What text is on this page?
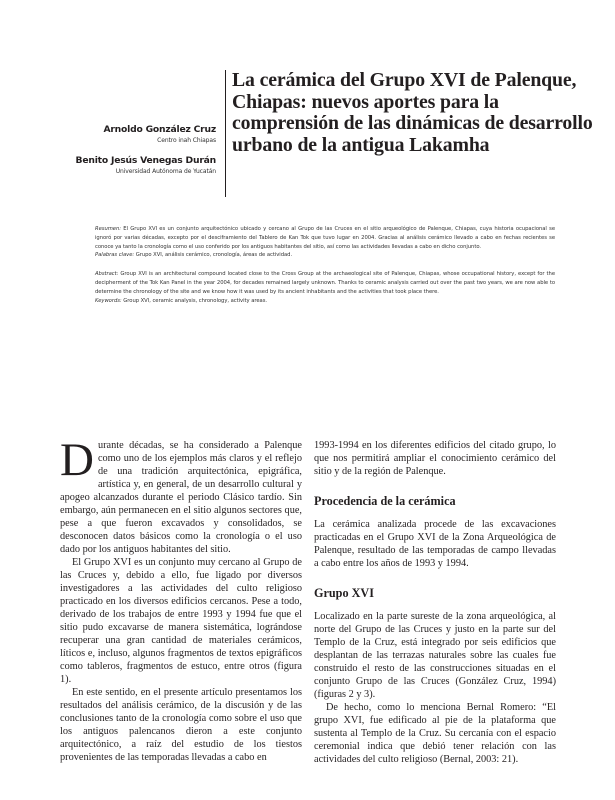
Arnoldo González Cruz
Centro inah Chiapas
Benito Jesús Venegas Durán
Universidad Autónoma de Yucatán
La cerámica del Grupo XVI de Palenque, Chiapas: nuevos aportes para la comprensión de las dinámicas de desarrollo urbano de la antigua Lakamha

Resumen: El Grupo XVI es un conjunto arquitectónico ubicado y cercano al Grupo de las Cruces en el sitio arqueológico de Palenque, Chiapas, cuya historia ocupacional se ignoró por varias décadas, excepto por el desciframiento del Tablero de Kan Tok que tuvo lugar en 2004. Gracias al análisis cerámico llevado a cabo en fechas recientes se conoce ya tanto la cronología como el uso conferido por los antiguos habitantes del sitio, así como las actividades llevadas a cabo en dicho conjunto.

Palabras clave: Grupo XVI, análisis cerámico, cronología, áreas de actividad.

Abstract: Group XVI is an architectural compound located close to the Cross Group at the archaeological site of Palenque, Chiapas, whose occupational history, except for the decipherment of the Tok Kan Panel in the year 2004, for decades remained largely unknown. Thanks to ceramic analysis carried out over the past two years, we are now able to determine the chronology of the site and we know how it was used by its ancient inhabitants and the activities that took place there.

Keywords: Group XVI, ceramic analysis, chronology, activity areas.

Durante décadas, se ha considerado a Palenque como uno de los ejemplos más claros y el reflejo de una tradición arquitectónica, epigráfica, artística y, en general, de un desarrollo cultural y apogeo alcanzados durante el periodo Clásico tardío. Sin embargo, aún permanecen en el sitio algunos sectores que, pese a que fueron excavados y consolidados, se desconocen datos básicos como la cronología o el uso dado por los antiguos habitantes del sitio.

El Grupo XVI es un conjunto muy cercano al Grupo de las Cruces y, debido a ello, fue ligado por diversos investigadores a las actividades del culto religioso practicado en los diversos edificios cercanos. Pese a todo, derivado de los trabajos de entre 1993 y 1994 fue que el sitio pudo excavarse de manera sistemática, lográndose recuperar una gran cantidad de materiales cerámicos, líticos e, incluso, algunos fragmentos de textos epigráficos como tableros, fragmentos de estuco, entre otros (figura 1).

En este sentido, en el presente artículo presentamos los resultados del análisis cerámico, de la discusión y de las conclusiones tanto de la cronología como sobre el uso que los antiguos palencanos dieron a este conjunto arquitectónico, a raíz del estudio de los tiestos provenientes de las temporadas llevadas a cabo en

1993-1994 en los diferentes edificios del citado grupo, lo que nos permitirá ampliar el conocimiento cerámico del sitio y de la región de Palenque.

Procedencia de la cerámica

La cerámica analizada procede de las excavaciones practicadas en el Grupo XVI de la Zona Arqueológica de Palenque, resultado de las temporadas de campo llevadas a cabo entre los años de 1993 y 1994.

Grupo XVI

Localizado en la parte sureste de la zona arqueológica, al norte del Grupo de las Cruces y justo en la parte sur del Templo de la Cruz, está integrado por seis edificios que desplantan de las terrazas naturales sobre las cuales fue construido el resto de las construcciones situadas en el conjunto Grupo de las Cruces (González Cruz, 1994) (figuras 2 y 3).

De hecho, como lo menciona Bernal Romero: “El grupo XVI, fue edificado al pie de la plataforma que sustenta al Templo de la Cruz. Su cercanía con el espacio ceremonial indica que debió tener relación con las actividades del culto religioso (Bernal, 2003: 21).
